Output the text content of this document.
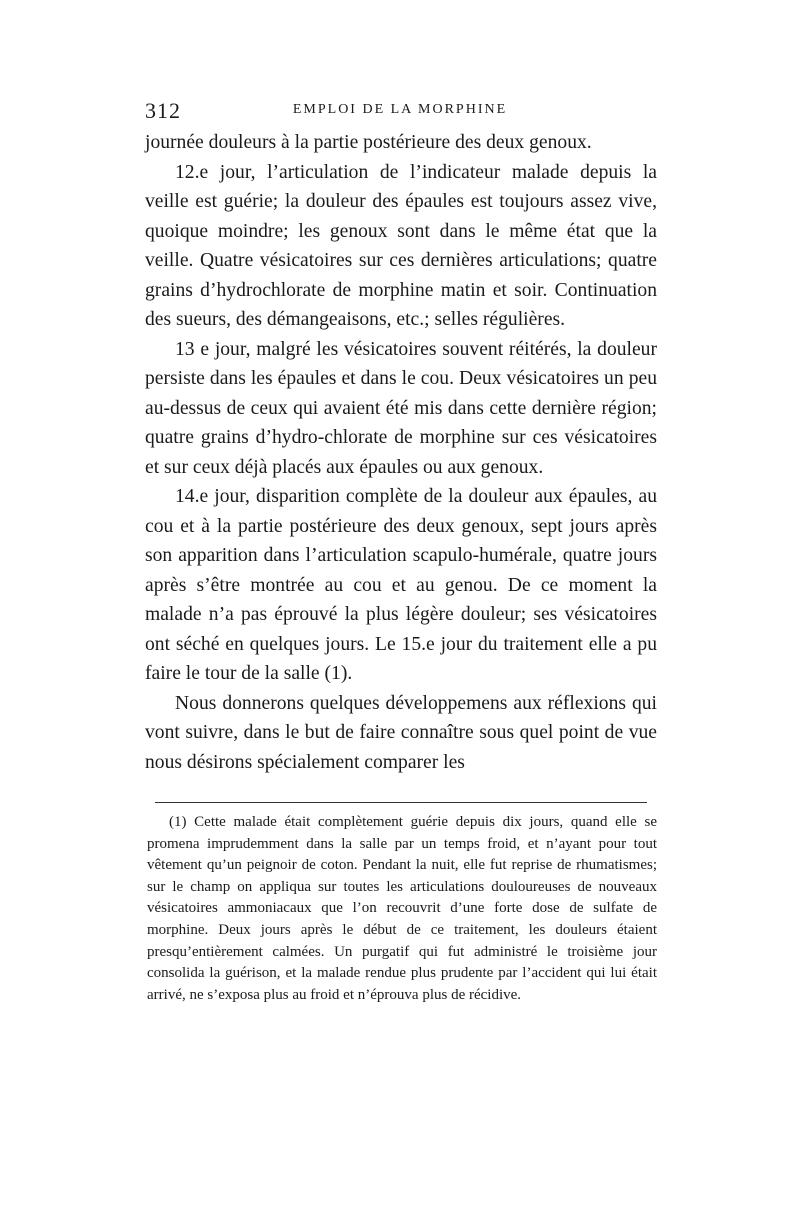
312	EMPLOI DE LA MORPHINE

journée douleurs à la partie postérieure des deux genoux.

12.e jour, l’articulation de l’indicateur malade depuis la veille est guérie; la douleur des épaules est toujours assez vive, quoique moindre; les genoux sont dans le même état que la veille. Quatre vésicatoires sur ces dernières articulations; quatre grains d’hydrochlorate de morphine matin et soir. Continuation des sueurs, des démangeaisons, etc.; selles régulières.

13 e jour, malgré les vésicatoires souvent réitérés, la douleur persiste dans les épaules et dans le cou. Deux vésicatoires un peu au-dessus de ceux qui avaient été mis dans cette dernière région; quatre grains d’hydro-chlorate de morphine sur ces vésicatoires et sur ceux déjà placés aux épaules ou aux genoux.

14.e jour, disparition complète de la douleur aux épaules, au cou et à la partie postérieure des deux genoux, sept jours après son apparition dans l’articulation scapulo-humérale, quatre jours après s’être montrée au cou et au genou. De ce moment la malade n’a pas éprouvé la plus légère douleur; ses vésicatoires ont séché en quelques jours. Le 15.e jour du traitement elle a pu faire le tour de la salle (1).

Nous donnerons quelques développemens aux réflexions qui vont suivre, dans le but de faire connaître sous quel point de vue nous désirons spécialement comparer les

(1) Cette malade était complètement guérie depuis dix jours, quand elle se promena imprudemment dans la salle par un temps froid, et n’ayant pour tout vêtement qu’un peignoir de coton. Pendant la nuit, elle fut reprise de rhumatismes; sur le champ on appliqua sur toutes les articulations douloureuses de nouveaux vésicatoires ammoniacaux que l’on recouvrit d’une forte dose de sulfate de morphine. Deux jours après le début de ce traitement, les douleurs étaient presqu’entièrement calmées. Un purgatif qui fut administré le troisième jour consolida la guérison, et la malade rendue plus prudente par l’accident qui lui était arrivé, ne s’exposa plus au froid et n’éprouva plus de récidive.
